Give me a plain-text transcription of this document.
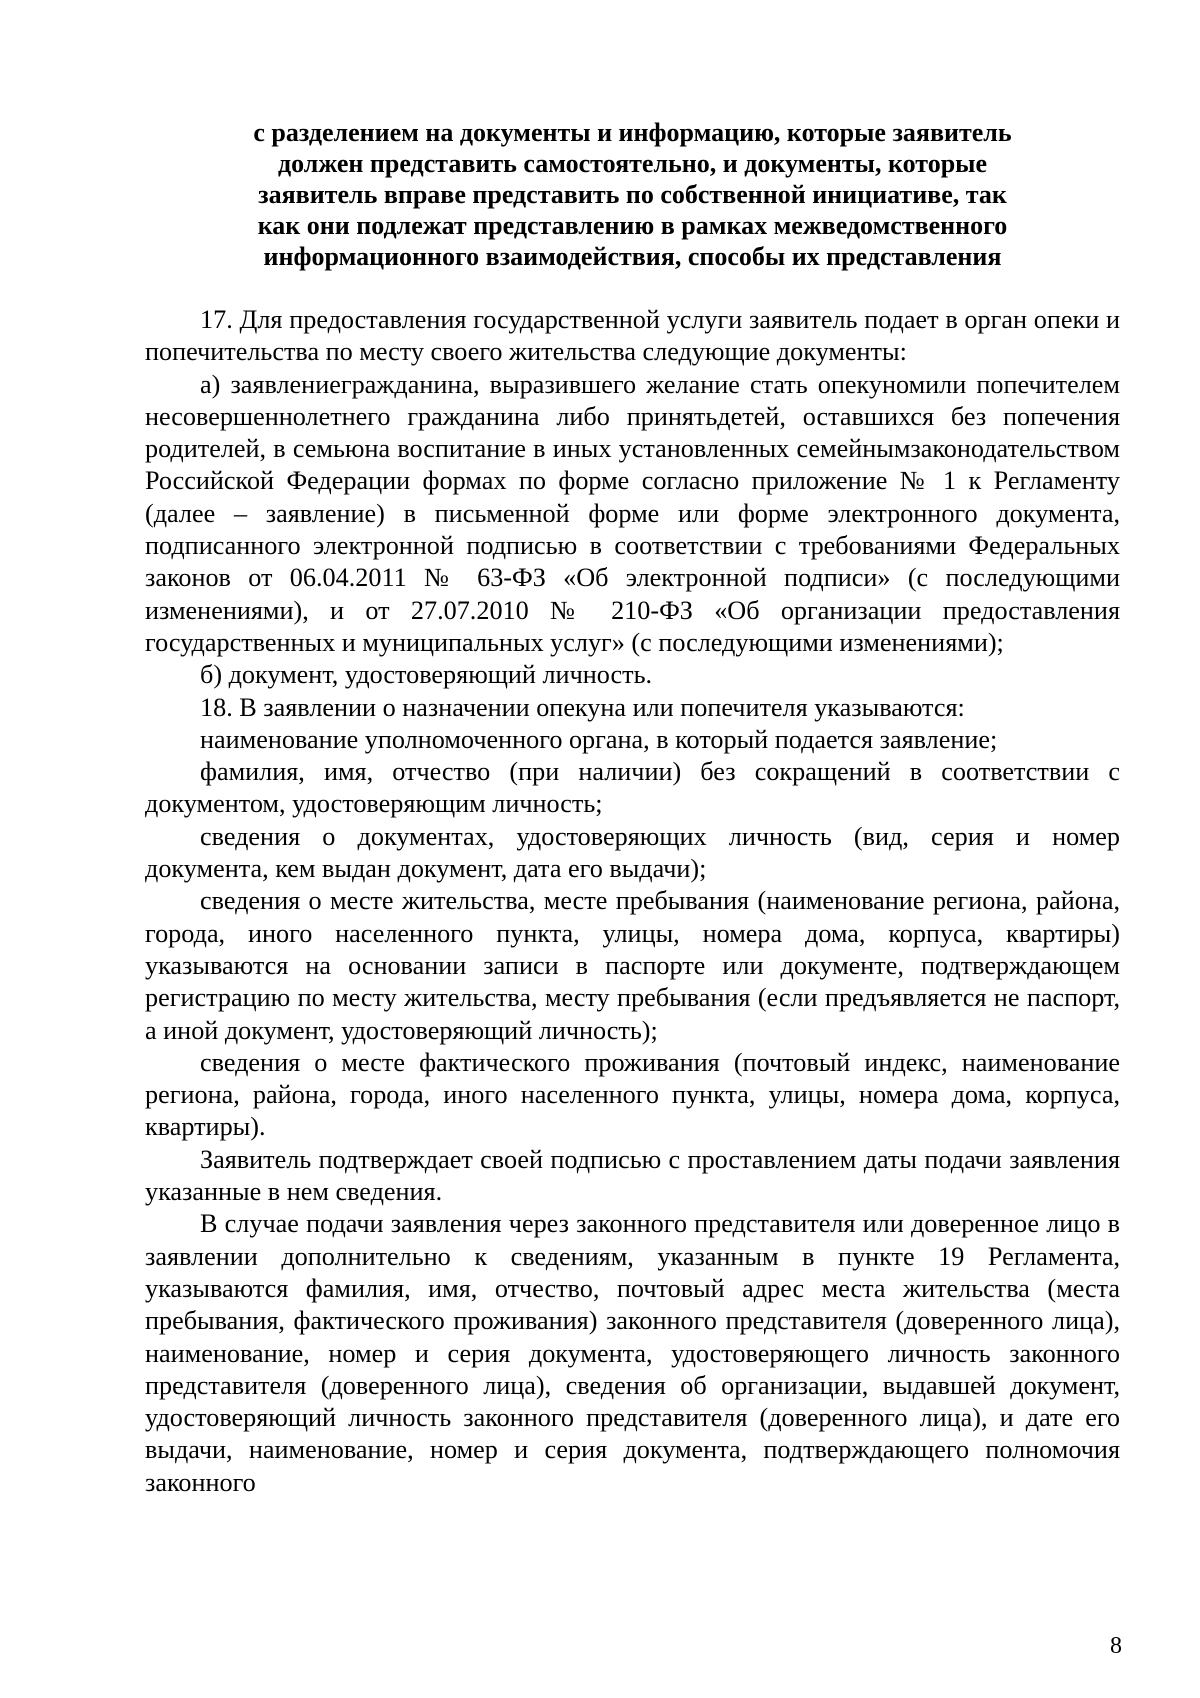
с разделением на документы и информацию, которые заявитель
должен представить самостоятельно, и документы, которые
заявитель вправе представить по собственной инициативе, так
как они подлежат представлению в рамках межведомственного
информационного взаимодействия, способы их представления

17. Для предоставления государственной услуги заявитель подает в орган опеки и попечительства по месту своего жительства следующие документы:

а) заявлениегражданина, выразившего желание стать опекуномили попечителем несовершеннолетнего гражданина либо принятьдетей, оставшихся без попечения родителей, в семьюна воспитание в иных установленных семейнымзаконодательством Российской Федерации формах по форме согласно приложение № 1 к Регламенту (далее – заявление) в письменной форме или форме электронного документа, подписанного электронной подписью в соответствии с требованиями Федеральных законов от 06.04.2011 № 63-ФЗ «Об электронной подписи» (с последующими изменениями), и от 27.07.2010 № 210-ФЗ «Об организации предоставления государственных и муниципальных услуг» (с последующими изменениями);

б) документ, удостоверяющий личность.

18. В заявлении о назначении опекуна или попечителя указываются:

наименование уполномоченного органа, в который подается заявление;

фамилия, имя, отчество (при наличии) без сокращений в соответствии с документом, удостоверяющим личность;

сведения о документах, удостоверяющих личность (вид, серия и номер документа, кем выдан документ, дата его выдачи);

сведения о месте жительства, месте пребывания (наименование региона, района, города, иного населенного пункта, улицы, номера дома, корпуса, квартиры) указываются на основании записи в паспорте или документе, подтверждающем регистрацию по месту жительства, месту пребывания (если предъявляется не паспорт, а иной документ, удостоверяющий личность);

сведения о месте фактического проживания (почтовый индекс, наименование региона, района, города, иного населенного пункта, улицы, номера дома, корпуса, квартиры).

Заявитель подтверждает своей подписью с проставлением даты подачи заявления указанные в нем сведения.

В случае подачи заявления через законного представителя или доверенное лицо в заявлении дополнительно к сведениям, указанным в пункте 19 Регламента, указываются фамилия, имя, отчество, почтовый адрес места жительства (места пребывания, фактического проживания) законного представителя (доверенного лица), наименование, номер и серия документа, удостоверяющего личность законного представителя (доверенного лица), сведения об организации, выдавшей документ, удостоверяющий личность законного представителя (доверенного лица), и дате его выдачи, наименование, номер и серия документа, подтверждающего полномочия законного

8
